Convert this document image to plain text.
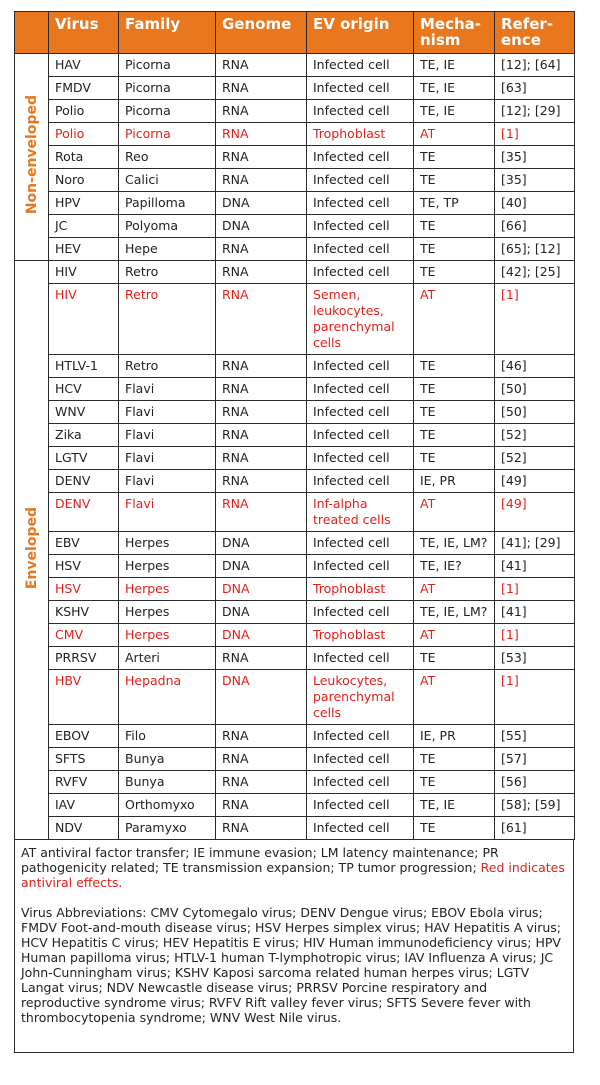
	Virus	Family	Genome	EV origin	Mecha-
nism	Refer-
ence
Non-enveloped	HAV	Picorna	RNA	Infected cell	TE, IE	[12]; [64]
	FMDV	Picorna	RNA	Infected cell	TE, IE	[63]
	Polio	Picorna	RNA	Infected cell	TE, IE	[12]; [29]
	Polio	Picorna	RNA	Trophoblast	AT	[1]
	Rota	Reo	RNA	Infected cell	TE	[35]
	Noro	Calici	RNA	Infected cell	TE	[35]
	HPV	Papilloma	DNA	Infected cell	TE, TP	[40]
	JC	Polyoma	DNA	Infected cell	TE	[66]
	HEV	Hepe	RNA	Infected cell	TE	[65]; [12]
Enveloped	HIV	Retro	RNA	Infected cell	TE	[42]; [25]
	HIV	Retro	RNA	Semen,
leukocytes,
parenchymal
cells	AT	[1]
	HTLV-1	Retro	RNA	Infected cell	TE	[46]
	HCV	Flavi	RNA	Infected cell	TE	[50]
	WNV	Flavi	RNA	Infected cell	TE	[50]
	Zika	Flavi	RNA	Infected cell	TE	[52]
	LGTV	Flavi	RNA	Infected cell	TE	[52]
	DENV	Flavi	RNA	Infected cell	IE, PR	[49]
	DENV	Flavi	RNA	Inf-alpha
treated cells	AT	[49]
	EBV	Herpes	DNA	Infected cell	TE, IE, LM?	[41]; [29]
	HSV	Herpes	DNA	Infected cell	TE, IE?	[41]
	HSV	Herpes	DNA	Trophoblast	AT	[1]
	KSHV	Herpes	DNA	Infected cell	TE, IE, LM?	[41]
	CMV	Herpes	DNA	Trophoblast	AT	[1]
	PRRSV	Arteri	RNA	Infected cell	TE	[53]
	HBV	Hepadna	DNA	Leukocytes,
parenchymal
cells	AT	[1]
	EBOV	Filo	RNA	Infected cell	IE, PR	[55]
	SFTS	Bunya	RNA	Infected cell	TE	[57]
	RVFV	Bunya	RNA	Infected cell	TE	[56]
	IAV	Orthomyxo	RNA	Infected cell	TE, IE	[58]; [59]
	NDV	Paramyxo	RNA	Infected cell	TE	[61]

AT antiviral factor transfer; IE immune evasion; LM latency maintenance; PR pathogenicity related; TE transmission expansion; TP tumor progression; Red indicates antiviral effects.

Virus Abbreviations: CMV Cytomegalo virus; DENV Dengue virus; EBOV Ebola virus; FMDV Foot-and-mouth disease virus; HSV Herpes simplex virus; HAV Hepatitis A virus; HCV Hepatitis C virus; HEV Hepatitis E virus; HIV Human immunodeficiency virus; HPV Human papilloma virus; HTLV-1 human T-lymphotropic virus; IAV Influenza A virus; JC John-Cunningham virus; KSHV Kaposi sarcoma related human herpes virus; LGTV Langat virus; NDV Newcastle disease virus; PRRSV Porcine respiratory and reproductive syndrome virus; RVFV Rift valley fever virus; SFTS Severe fever with thrombocytopenia syndrome; WNV West Nile virus.
